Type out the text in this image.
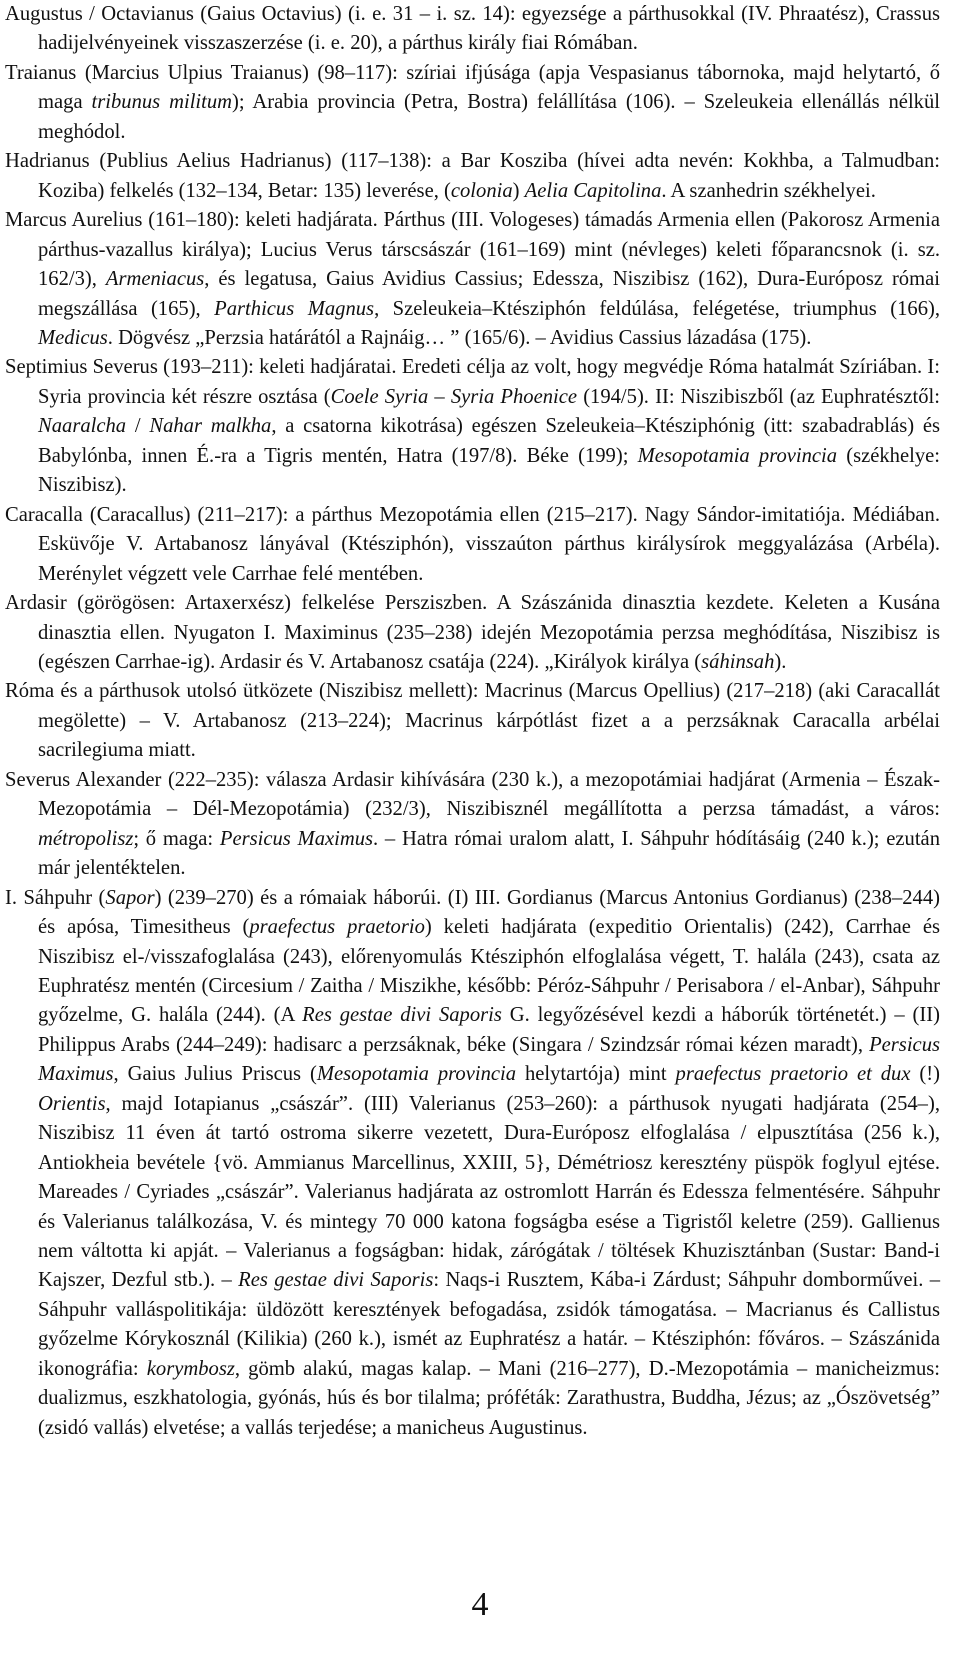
Augustus / Octavianus (Gaius Octavius) (i. e. 31 – i. sz. 14): egyezsége a párthusokkal (IV. Phraatész), Crassus hadijelvényeinek visszaszerzése (i. e. 20), a párthus király fiai Rómában.

Traianus (Marcius Ulpius Traianus) (98–117): szíriai ifjúsága (apja Vespasianus tábornoka, majd helytartó, ő maga tribunus militum); Arabia provincia (Petra, Bostra) felállítása (106). – Szeleukeia ellenállás nélkül meghódol.

Hadrianus (Publius Aelius Hadrianus) (117–138): a Bar Kosziba (hívei adta nevén: Kokhba, a Talmudban: Koziba) felkelés (132–134, Betar: 135) leverése, (colonia) Aelia Capitolina. A szanhedrin székhelyei.

Marcus Aurelius (161–180): keleti hadjárata. Párthus (III. Vologeses) támadás Armenia ellen (Pakorosz Armenia párthus-vazallus királya); Lucius Verus társcsászár (161–169) mint (névleges) keleti főparancsnok (i. sz. 162/3), Armeniacus, és legatusa, Gaius Avidius Cassius; Edessza, Niszibisz (162), Dura-Európosz római megszállása (165), Parthicus Magnus, Szeleukeia–Ktésziphón feldúlása, felégetése, triumphus (166), Medicus. Dögvész „Perzsia határától a Rajnáig… ” (165/6). – Avidius Cassius lázadása (175).

Septimius Severus (193–211): keleti hadjáratai. Eredeti célja az volt, hogy megvédje Róma hatalmát Szíriában. I: Syria provincia két részre osztása (Coele Syria – Syria Phoenice (194/5). II: Niszibiszből (az Euphratésztől: Naaralcha / Nahar malkha, a csatorna kikotrása) egészen Szeleukeia–Ktésziphónig (itt: szabadrablás) és Babylónba, innen É.-ra a Tigris mentén, Hatra (197/8). Béke (199); Mesopotamia provincia (székhelye: Niszibisz).

Caracalla (Caracallus) (211–217): a párthus Mezopotámia ellen (215–217). Nagy Sándor-imitatiója. Médiában. Esküvője V. Artabanosz lányával (Ktésziphón), visszaúton párthus királysírok meggyalázása (Arbéla). Merénylet végzett vele Carrhae felé mentében.

Ardasir (görögösen: Artaxerxész) felkelése Persziszben. A Szászánida dinasztia kezdete. Keleten a Kusána dinasztia ellen. Nyugaton I. Maximinus (235–238) idején Mezopotámia perzsa meghódítása, Niszibisz is (egészen Carrhae-ig). Ardasir és V. Artabanosz csatája (224). „Királyok királya (sáhinsah).

Róma és a párthusok utolsó ütközete (Niszibisz mellett): Macrinus (Marcus Opellius) (217–218) (aki Caracallát megölette) – V. Artabanosz (213–224); Macrinus kárpótlást fizet a a perzsáknak Caracalla arbélai sacrilegiuma miatt.

Severus Alexander (222–235): válasza Ardasir kihívására (230 k.), a mezopotámiai hadjárat (Armenia – Észak-Mezopotámia – Dél-Mezopotámia) (232/3), Niszibisznél megállította a perzsa támadást, a város: métropolisz; ő maga: Persicus Maximus. – Hatra római uralom alatt, I. Sáhpuhr hódításáig (240 k.); ezután már jelentéktelen.

I. Sáhpuhr (Sapor) (239–270) és a rómaiak háborúi. (I) III. Gordianus (Marcus Antonius Gordianus) (238–244) és apósa, Timesitheus (praefectus praetorio) keleti hadjárata (expeditio Orientalis) (242), Carrhae és Niszibisz el-/visszafoglalása (243), előrenyomulás Ktésziphón elfoglalása végett, T. halála (243), csata az Euphratész mentén (Circesium / Zaitha / Miszikhe, később: Péróz-Sáhpuhr / Perisabora / el-Anbar), Sáhpuhr győzelme, G. halála (244). (A Res gestae divi Saporis G. legyőzésével kezdi a háborúk történetét.) – (II) Philippus Arabs (244–249): hadisarc a perzsáknak, béke (Singara / Szindzsár római kézen maradt), Persicus Maximus, Gaius Julius Priscus (Mesopotamia provincia helytartója) mint praefectus praetorio et dux (!) Orientis, majd Iotapianus „császár”. (III) Valerianus (253–260): a párthusok nyugati hadjárata (254–), Niszibisz 11 éven át tartó ostroma sikerre vezetett, Dura-Európosz elfoglalása / elpusztítása (256 k.), Antiokheia bevétele {vö. Ammianus Marcellinus, XXIII, 5}, Démétriosz keresztény püspök foglyul ejtése. Mareades / Cyriades „császár”. Valerianus hadjárata az ostromlott Harrán és Edessza felmentésére. Sáhpuhr és Valerianus találkozása, V. és mintegy 70 000 katona fogságba esése a Tigristől keletre (259). Gallienus nem váltotta ki apját. – Valerianus a fogságban: hidak, zárógátak / töltések Khuzisztánban (Sustar: Band-i Kajszer, Dezful stb.). – Res gestae divi Saporis: Naqs-i Rusztem, Kába-i Zárdust; Sáhpuhr domborművei. – Sáhpuhr valláspolitikája: üldözött keresztények befogadása, zsidók támogatása. – Macrianus és Callistus győzelme Kórykosznál (Kilikia) (260 k.), ismét az Euphratész a határ. – Ktésziphón: főváros. – Szászánida ikonográfia: korymbosz, gömb alakú, magas kalap. – Mani (216–277), D.-Mezopotámia – manicheizmus: dualizmus, eszkhatologia, gyónás, hús és bor tilalma; próféták: Zarathustra, Buddha, Jézus; az „Ószövetség” (zsidó vallás) elvetése; a vallás terjedése; a manicheus Augustinus.

4
